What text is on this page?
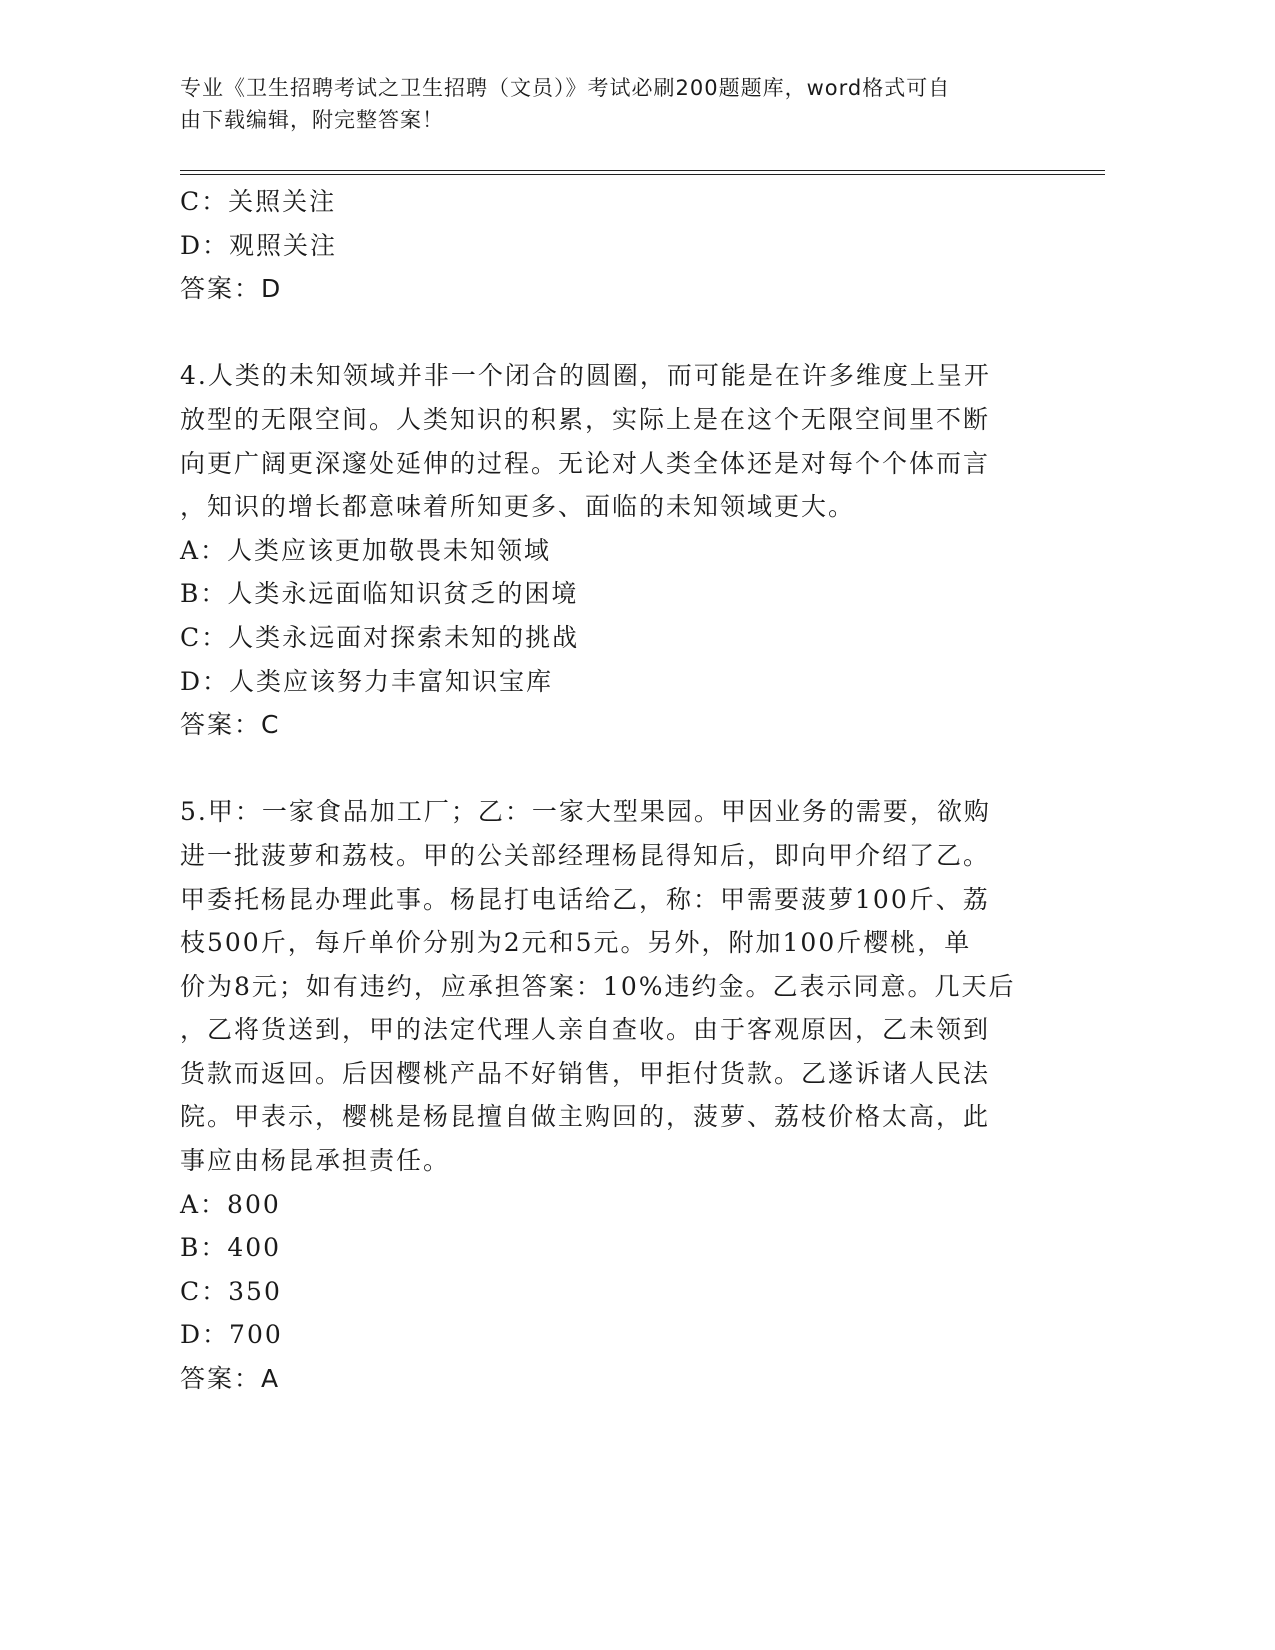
专业《卫生招聘考试之卫生招聘（文员）》考试必刷200题题库，word格式可自
由下载编辑，附完整答案！
C：关照关注
D：观照关注
答案：D
4.人类的未知领域并非一个闭合的圆圈，而可能是在许多维度上呈开
放型的无限空间。人类知识的积累，实际上是在这个无限空间里不断
向更广阔更深邃处延伸的过程。无论对人类全体还是对每个个体而言
，知识的增长都意味着所知更多、面临的未知领域更大。
A：人类应该更加敬畏未知领域
B：人类永远面临知识贫乏的困境
C：人类永远面对探索未知的挑战
D：人类应该努力丰富知识宝库
答案：C
5.甲：一家食品加工厂；乙：一家大型果园。甲因业务的需要，欲购
进一批菠萝和荔枝。甲的公关部经理杨昆得知后，即向甲介绍了乙。
甲委托杨昆办理此事。杨昆打电话给乙，称：甲需要菠萝100斤、荔
枝500斤，每斤单价分别为2元和5元。另外，附加100斤樱桃，单
价为8元；如有违约，应承担答案：10%违约金。乙表示同意。几天后
，乙将货送到，甲的法定代理人亲自查收。由于客观原因，乙未领到
货款而返回。后因樱桃产品不好销售，甲拒付货款。乙遂诉诸人民法
院。甲表示，樱桃是杨昆擅自做主购回的，菠萝、荔枝价格太高，此
事应由杨昆承担责任。
A：800
B：400
C：350
D：700
答案：A
